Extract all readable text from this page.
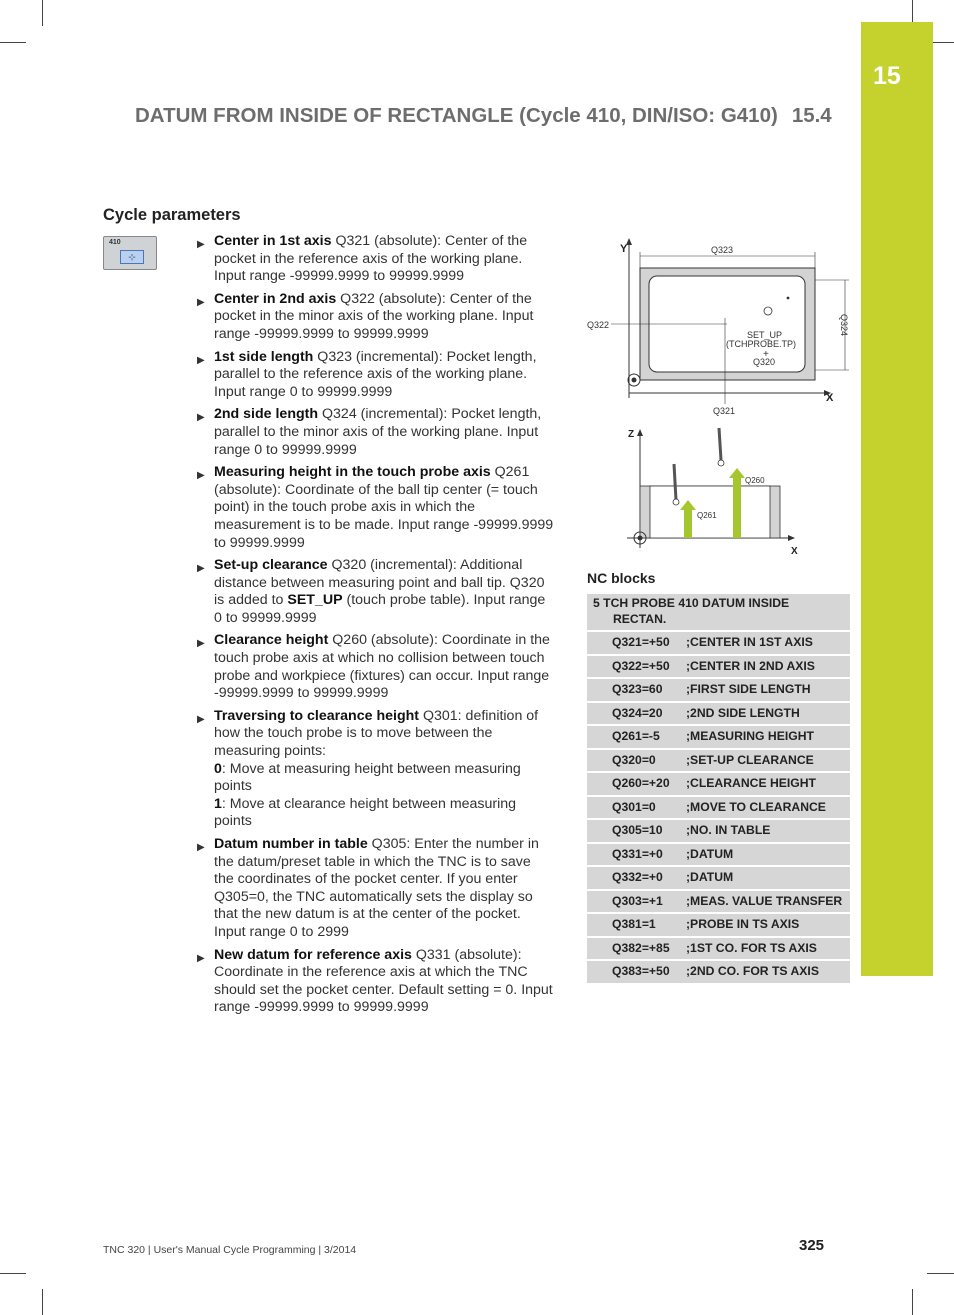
15
DATUM FROM INSIDE OF RECTANGLE (Cycle 410, DIN/ISO: G410) 15.4
Cycle parameters
410
⊹
▶ Center in 1st axis Q321 (absolute): Center of the pocket in the reference axis of the working plane. Input range -99999.9999 to 99999.9999
▶ Center in 2nd axis Q322 (absolute): Center of the pocket in the minor axis of the working plane. Input range -99999.9999 to 99999.9999
▶ 1st side length Q323 (incremental): Pocket length, parallel to the reference axis of the working plane. Input range 0 to 99999.9999
▶ 2nd side length Q324 (incremental): Pocket length, parallel to the minor axis of the working plane. Input range 0 to 99999.9999
▶ Measuring height in the touch probe axis Q261 (absolute): Coordinate of the ball tip center (= touch point) in the touch probe axis in which the measurement is to be made. Input range -99999.9999 to 99999.9999
▶ Set-up clearance Q320 (incremental): Additional distance between measuring point and ball tip. Q320 is added to SET_UP (touch probe table). Input range 0 to 99999.9999
▶ Clearance height Q260 (absolute): Coordinate in the touch probe axis at which no collision between touch probe and workpiece (fixtures) can occur. Input range -99999.9999 to 99999.9999
▶ Traversing to clearance height Q301: definition of how the touch probe is to move between the measuring points:
0: Move at measuring height between measuring points
1: Move at clearance height between measuring points
▶ Datum number in table Q305: Enter the number in the datum/preset table in which the TNC is to save the coordinates of the pocket center. If you enter Q305=0, the TNC automatically sets the display so that the new datum is at the center of the pocket. Input range 0 to 2999
▶ New datum for reference axis Q331 (absolute): Coordinate in the reference axis at which the TNC should set the pocket center. Default setting = 0. Input range -99999.9999 to 99999.9999
Y
X
Q323
Q324
Q322
Q321
SET_UP
(TCHPROBE.TP)
+
Q320
Z
X
Q260
Q261
NC blocks
5 TCH PROBE 410 DATUM INSIDE
RECTAN.	

Q321=+50	;CENTER IN 1ST AXIS
Q322=+50	;CENTER IN 2ND AXIS
Q323=60	;FIRST SIDE LENGTH
Q324=20	;2ND SIDE LENGTH
Q261=-5	;MEASURING HEIGHT
Q320=0	;SET-UP CLEARANCE
Q260=+20	;CLEARANCE HEIGHT
Q301=0	;MOVE TO CLEARANCE
Q305=10	;NO. IN TABLE
Q331=+0	;DATUM
Q332=+0	;DATUM
Q303=+1	;MEAS. VALUE TRANSFER
Q381=1	;PROBE IN TS AXIS
Q382=+85	;1ST CO. FOR TS AXIS
Q383=+50	;2ND CO. FOR TS AXIS
TNC 320 | User's Manual Cycle Programming | 3/2014	325
